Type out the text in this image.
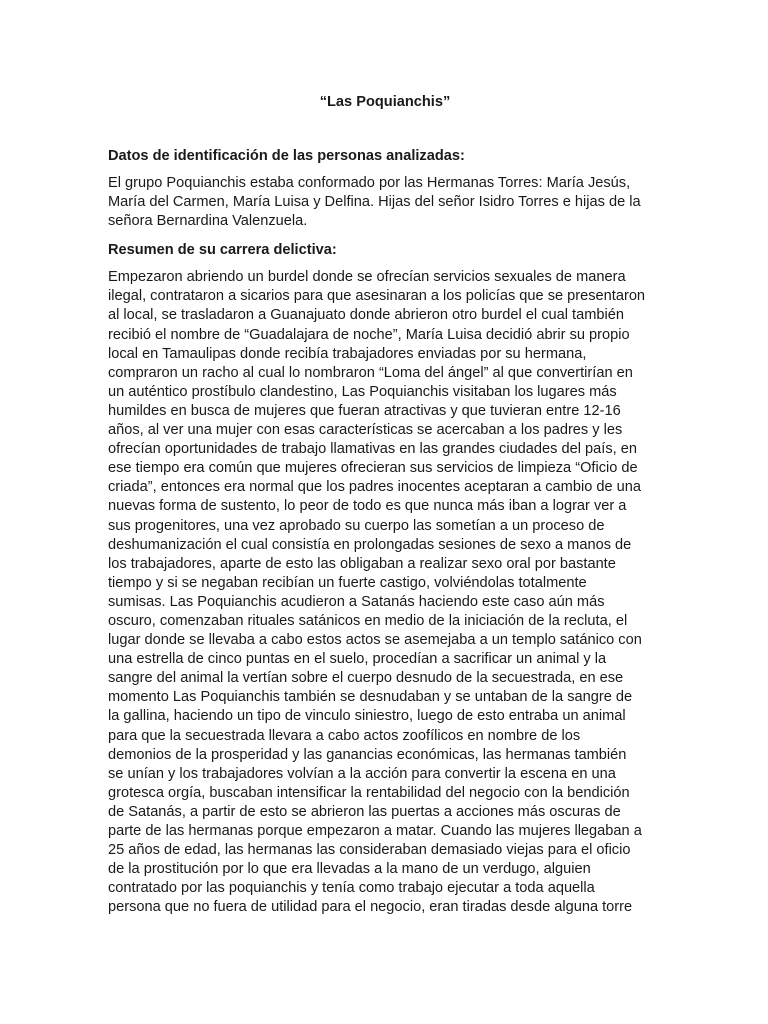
“Las Poquianchis”
Datos de identificación de las personas analizadas:
El grupo Poquianchis estaba conformado por las Hermanas Torres: María Jesús,
María del Carmen, María Luisa y Delfina. Hijas del señor Isidro Torres e hijas de la
señora Bernardina Valenzuela.
Resumen de su carrera delictiva:
Empezaron abriendo un burdel donde se ofrecían servicios sexuales de manera
ilegal, contrataron a sicarios para que asesinaran a los policías que se presentaron
al local, se trasladaron a Guanajuato donde abrieron otro burdel el cual también
recibió el nombre de “Guadalajara de noche”, María Luisa decidió abrir su propio
local en Tamaulipas donde recibía trabajadores enviadas por su hermana,
compraron un racho al cual lo nombraron “Loma del ángel” al que convertirían en
un auténtico prostíbulo clandestino, Las Poquianchis visitaban los lugares más
humildes en busca de mujeres que fueran atractivas y que tuvieran entre 12-16
años, al ver una mujer con esas características se acercaban a los padres y les
ofrecían oportunidades de trabajo llamativas en las grandes ciudades del país, en
ese tiempo era común que mujeres ofrecieran sus servicios de limpieza “Oficio de
criada”, entonces era normal que los padres inocentes aceptaran a cambio de una
nuevas forma de sustento, lo peor de todo es que nunca más iban a lograr ver a
sus progenitores, una vez aprobado su cuerpo las sometían a un proceso de
deshumanización el cual consistía en prolongadas sesiones de sexo a manos de
los trabajadores, aparte de esto las obligaban a realizar sexo oral por bastante
tiempo y si se negaban recibían un fuerte castigo, volviéndolas totalmente
sumisas. Las Poquianchis acudieron a Satanás haciendo este caso aún más
oscuro, comenzaban rituales satánicos en medio de la iniciación de la recluta, el
lugar donde se llevaba a cabo estos actos se asemejaba a un templo satánico con
una estrella de cinco puntas en el suelo, procedían a sacrificar un animal y la
sangre del animal la vertían sobre el cuerpo desnudo de la secuestrada, en ese
momento Las Poquianchis también se desnudaban y se untaban de la sangre de
la gallina, haciendo un tipo de vinculo siniestro, luego de esto entraba un animal
para que la secuestrada llevara a cabo actos zoofílicos en nombre de los
demonios de la prosperidad y las ganancias económicas, las hermanas también
se unían y los trabajadores volvían a la acción para convertir la escena en una
grotesca orgía, buscaban intensificar la rentabilidad del negocio con la bendición
de Satanás, a partir de esto se abrieron las puertas a acciones más oscuras de
parte de las hermanas porque empezaron a matar. Cuando las mujeres llegaban a
25 años de edad, las hermanas las consideraban demasiado viejas para el oficio
de la prostitución por lo que era llevadas a la mano de un verdugo, alguien
contratado por las poquianchis y tenía como trabajo ejecutar a toda aquella
persona que no fuera de utilidad para el negocio, eran tiradas desde alguna torre
